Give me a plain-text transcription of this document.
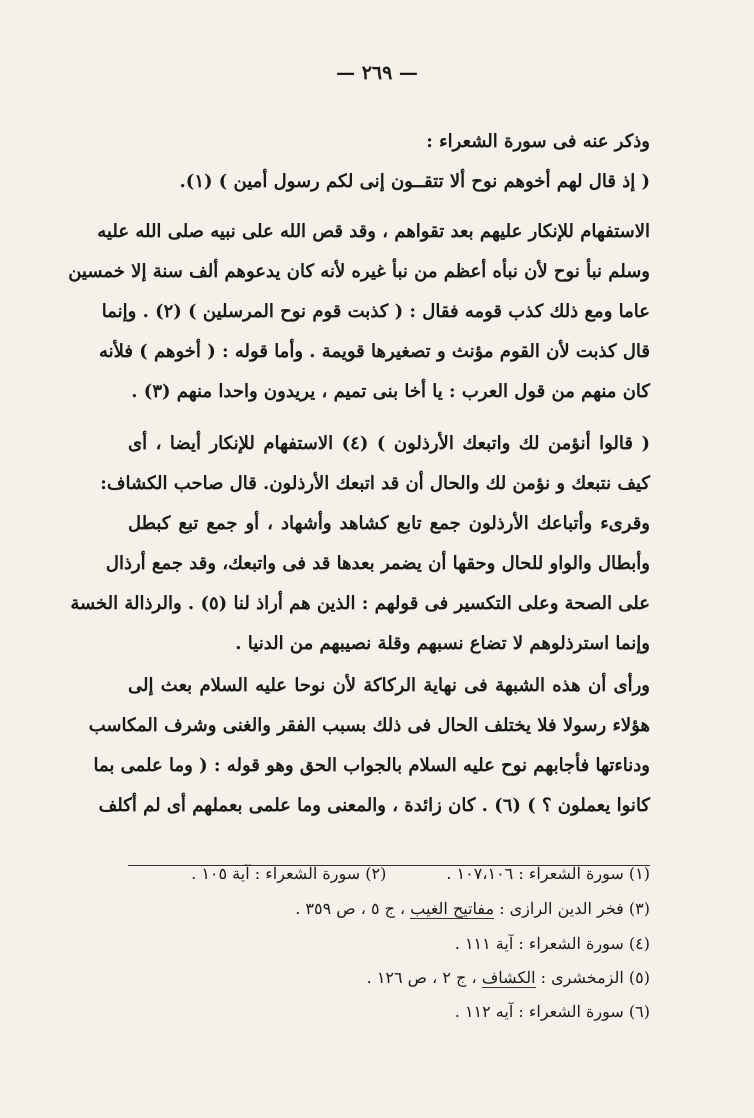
— ٢٦٩ —
وذكر عنه فى سورة الشعراء :
( إذ قال لهم أخوهم نوح ألا تتقــون إنى لكم رسول أمين ) (١).
الاستفهام للإنكار عليهم بعد تقواهم ، وقد قص الله على نبيه صلى الله عليه
وسلم نبأ نوح لأن نبأه أعظم من نبأ غيره لأنه كان يدعوهم ألف سنة إلا خمسين
عاما ومع ذلك كذب قومه فقال : ( كذبت قوم نوح المرسلين ) (٢) . وإنما
قال كذبت لأن القوم مؤنث و تصغيرها قويمة . وأما قوله : ( أخوهم ) فلأنه
كان منهم من قول العرب : يا أخا بنى تميم ، يريدون واحدا منهم (٣) .
( قالوا أنؤمن لك واتبعك الأرذلون ) (٤) الاستفهام للإنكار أيضا ، أى
كيف نتبعك و نؤمن لك والحال أن قد اتبعك الأرذلون. قال صاحب الكشاف:
وقرىء وأتباعك الأرذلون جمع تابع كشاهد وأشهاد ، أو جمع تبع كبطل
وأبطال والواو للحال وحقها أن يضمر بعدها قد فى واتبعك، وقد جمع أرذال
على الصحة وعلى التكسير فى قولهم : الذين هم أراذ لنا (٥) . والرذالة الخسة
وإنما استرذلوهم لا تضاع نسبهم وقلة نصيبهم من الدنيا .
ورأى أن هذه الشبهة فى نهاية الركاكة لأن نوحا عليه السلام بعث إلى
هؤلاء رسولا فلا يختلف الحال فى ذلك بسبب الفقر والغنى وشرف المكاسب
ودناءتها فأجابهم نوح عليه السلام بالجواب الحق وهو قوله : ( وما علمى بما
كانوا يعملون ؟ ) (٦) . كان زائدة ، والمعنى وما علمى بعملهم أى لم أكلف
(١) سورة الشعراء : ١٠٧،١٠٦ .(٢) سورة الشعراء : آية ١٠٥ .
(٣) فخر الدين الرازى : مفاتيح الغيب ، ج ٥ ، ص ٣٥٩ .
(٤) سورة الشعراء : آية ١١١ .
(٥) الزمخشرى : الكشاف ، ج ٢ ، ص ١٢٦ .
(٦) سورة الشعراء : آيه ١١٢ .
